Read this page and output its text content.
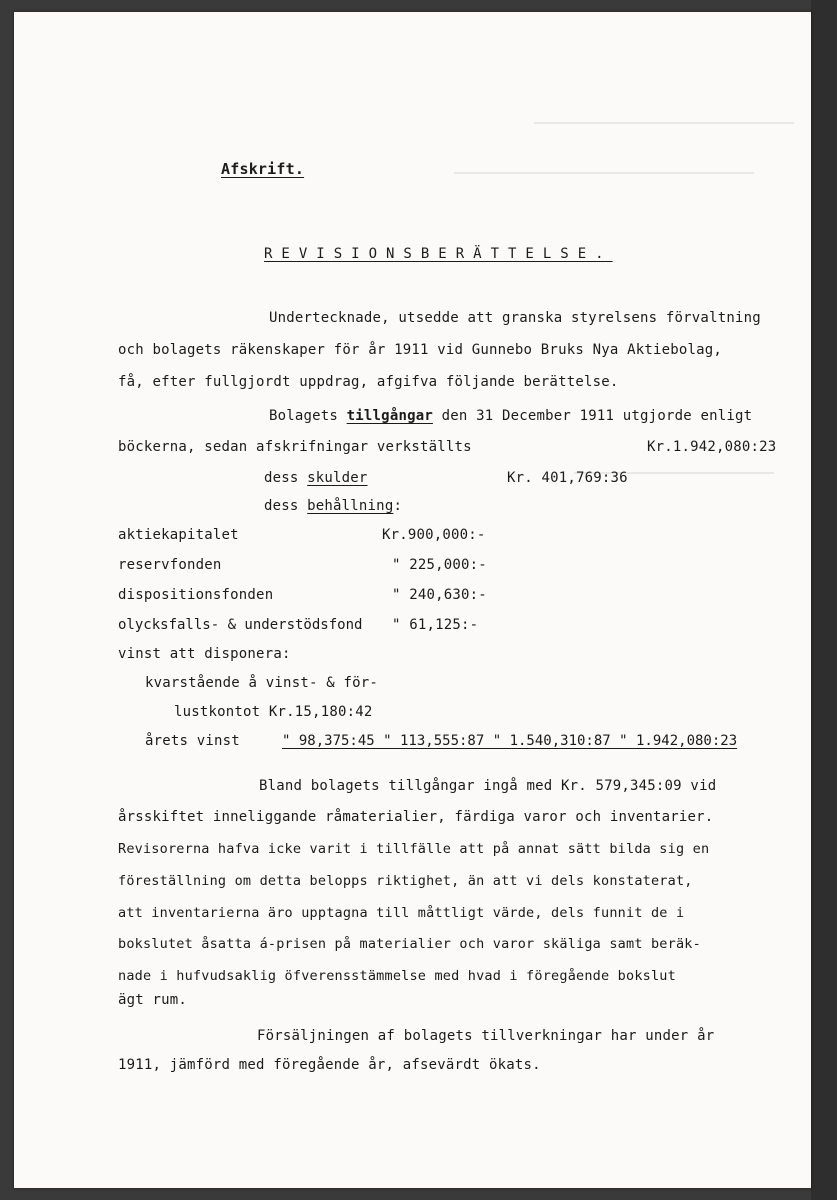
Afskrift.
REVISIONSBERÄTTELSE.
Undertecknade, utsedde att granska styrelsens förvaltning
och bolagets räkenskaper för år 1911 vid Gunnebo Bruks Nya Aktiebolag,
få, efter fullgjordt uppdrag, afgifva följande berättelse.
Bolagets tillgångar den 31 December 1911 utgjorde enligt
böckerna, sedan afskrifningar verkställts	Kr.1.942,080:23
dess skulder	Kr. 401,769:36
dess behållning:
aktiekapitalet	Kr.900,000:-
reservfonden	" 225,000:-
dispositionsfonden	" 240,630:-
olycksfalls- & understödsfond " 61,125:-
vinst att disponera:
kvarstående å vinst- & för-
lustkontot Kr.15,180:42
årets vinst	" 98,375:45 " 113,555:87 " 1.540,310:87 " 1.942,080:23
Bland bolagets tillgångar ingå med Kr. 579,345:09 vid
årsskiftet inneliggande råmaterialier, färdiga varor och inventarier.
Revisorerna hafva icke varit i tillfälle att på annat sätt bilda sig en
föreställning om detta belopps riktighet, än att vi dels konstaterat,
att inventarierna äro upptagna till måttligt värde, dels funnit de i
bokslutet åsatta á-prisen på materialier och varor skäliga samt beräk-
nade i hufvudsaklig öfverensstämmelse med hvad i föregående bokslut
ägt rum.
Försäljningen af bolagets tillverkningar har under år
1911, jämförd med föregående år, afsevärdt ökats.
